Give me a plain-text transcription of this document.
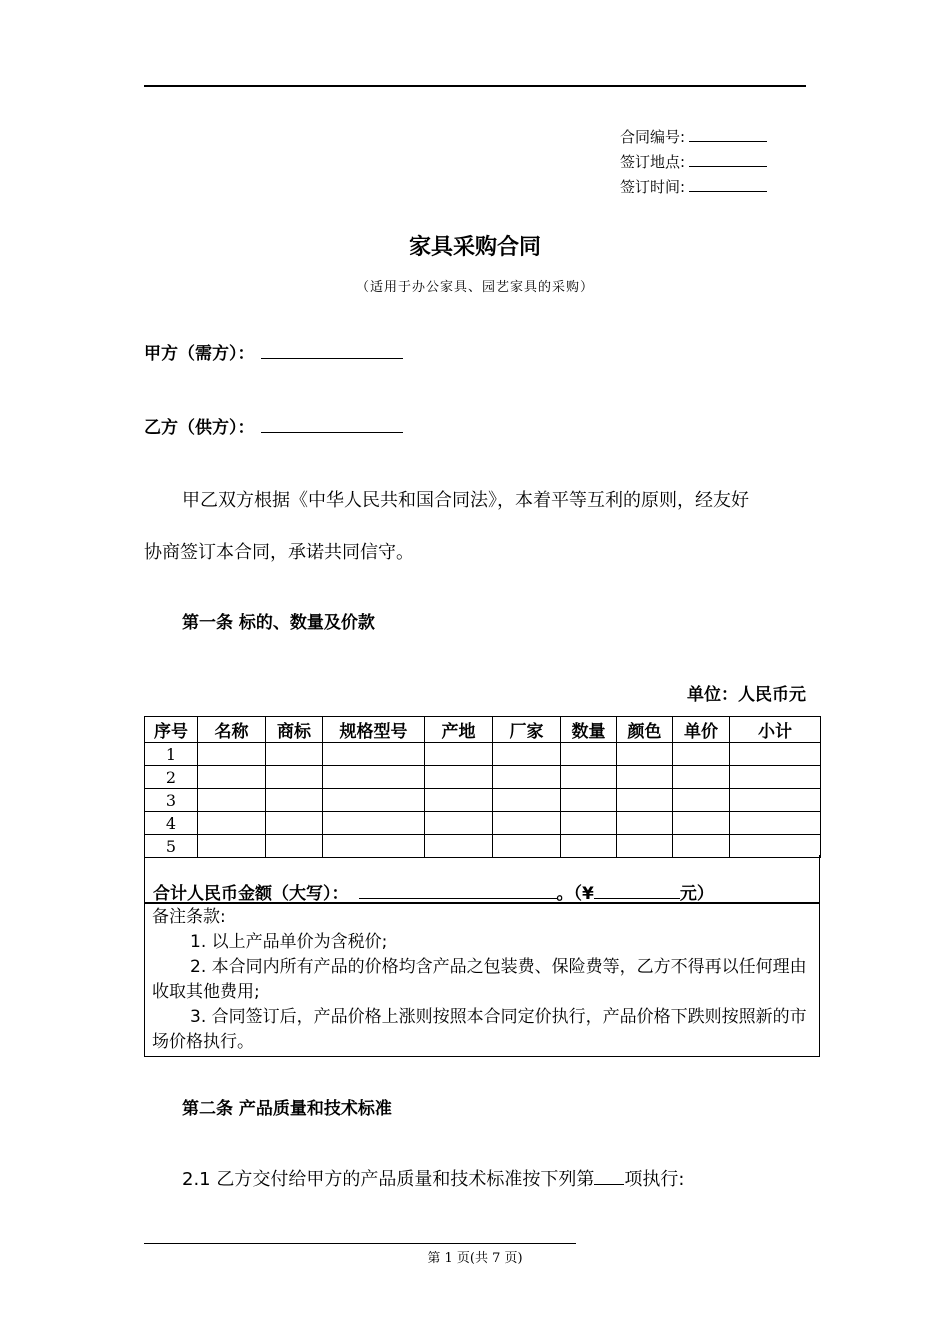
合同编号:
签订地点:
签订时间:
家具采购合同
（适用于办公家具、园艺家具的采购）
甲方（需方）：
乙方（供方）：
甲乙双方根据《中华人民共和国合同法》，本着平等互利的原则，经友好
协商签订本合同，承诺共同信守。
第一条 标的、数量及价款
单位：人民币元
序号	名称	商标	规格型号	产地	厂家	数量	颜色	单价	小计
1									
2									
3									
4									
5									
合计人民币金额（大写）：	。（¥	元）
备注条款:
1. 以上产品单价为含税价;
2. 本合同内所有产品的价格均含产品之包装费、保险费等，乙方不得再以任何理由收取其他费用;
3. 合同签订后，产品价格上涨则按照本合同定价执行，产品价格下跌则按照新的市场价格执行。
第二条 产品质量和技术标准
2.1 乙方交付给甲方的产品质量和技术标准按下列第 项执行:
第 1 页(共 7 页)
